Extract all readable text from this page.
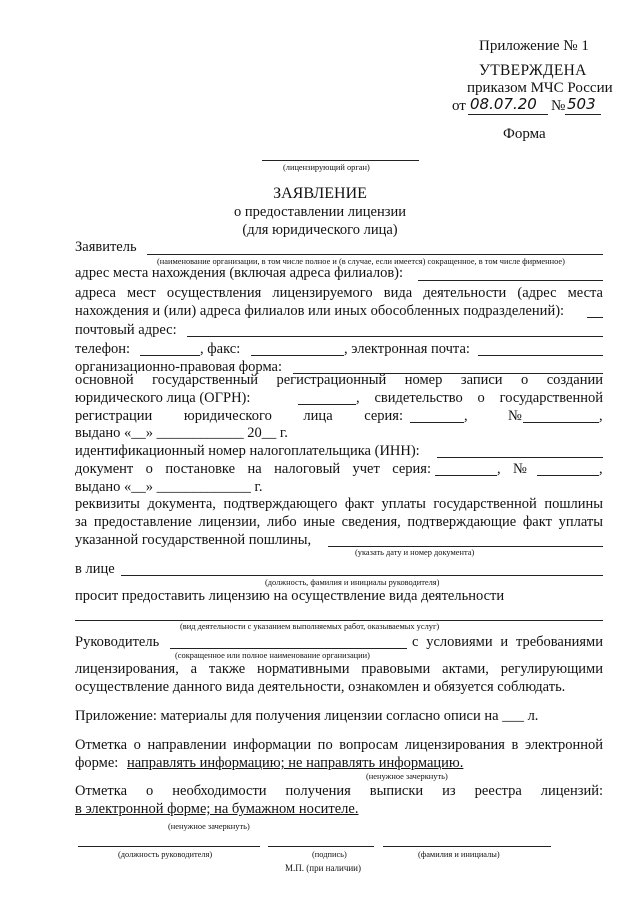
Приложение № 1
УТВЕРЖДЕНА
приказом МЧС России
от 08.07.20 № 503
Форма
(лицензирующий орган)
ЗАЯВЛЕНИЕ
о предоставлении лицензии
(для юридического лица)
Заявитель
(наименование организации, в том числе полное и (в случае, если имеется) сокращенное, в том числе фирменное)
адрес места нахождения (включая адреса филиалов):
адреса мест осуществления лицензируемого вида деятельности (адрес места
нахождения и (или) адреса филиалов или иных обособленных подразделений):
почтовый адрес:
телефон:	, факс:	, электронная почта:
организационно-правовая форма:
основной государственный регистрационный номер записи о создании
юридического лица (ОГРН):	, свидетельство о государственной
регистрации юридического лица серия:	,	№	,
выдано «__» ____________ 20__ г.
идентификационный номер налогоплательщика (ИНН):
документ о постановке на налоговый учет серия:	, №	,
выдано «__» _____________ г.
реквизиты документа, подтверждающего факт уплаты государственной пошлины
за предоставление лицензии, либо иные сведения, подтверждающие факт уплаты
указанной государственной пошлины,
(указать дату и номер документа)
в лице
(должность, фамилия и инициалы руководителя)
просит предоставить лицензию на осуществление вида деятельности
(вид деятельности с указанием выполняемых работ, оказываемых услуг)
Руководитель	с условиями и требованиями
(сокращенное или полное наименование организации)
лицензирования, а также нормативными правовыми актами, регулирующими
осуществление данного вида деятельности, ознакомлен и обязуется соблюдать.
Приложение: материалы для получения лицензии согласно описи на ___ л.
Отметка о направлении информации по вопросам лицензирования в электронной
форме: направлять информацию; не направлять информацию.
(ненужное зачеркнуть)
Отметка о необходимости получения выписки из реестра лицензий:
в электронной форме; на бумажном носителе.
(ненужное зачеркнуть)
(должность руководителя)	(подпись)	(фамилия и инициалы)
М.П. (при наличии)
